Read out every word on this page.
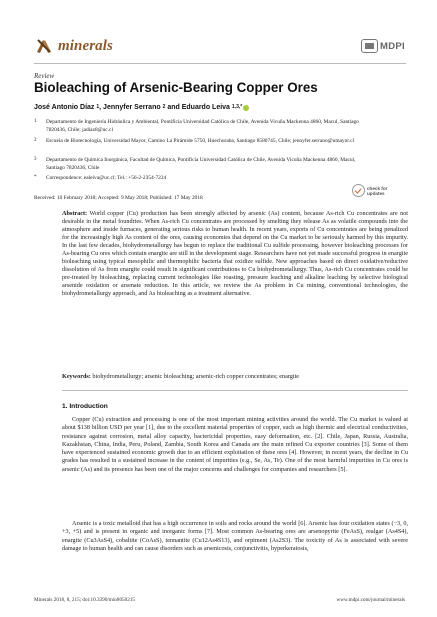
minerals	MDPI
Review
Bioleaching of Arsenic-Bearing Copper Ores
José Antonio Díaz
1 , Jennyfer Serrano
2
and Eduardo Leiva
1,3,*
1	Departamento de Ingeniería Hidráulica y Ambiental, Pontificia Universidad Católica de Chile, Avenida Vicuña Mackenna 4860, Macul, Santiago 7820436, Chile; jadiaz8@uc.cl
2	Escuela de Biotecnología, Universidad Mayor, Camino La Pirámide 5750, Huechuraba, Santiago 8580745, Chile; jennyfer.serrano@umayor.cl
3	Departamento de Química Inorgánica, Facultad de Química, Pontificia Universidad Católica de Chile, Avenida Vicuña Mackenna 4860, Macul, Santiago 7820436, Chile
*	Correspondence: ealeiva@uc.cl; Tel.: +56-2-2354-7224
Received: 10 February 2018; Accepted: 9 May 2018; Published: 17 May 2018
check for
updates
Abstract: World copper (Cu) production has been strongly affected by arsenic (As) content, because As-rich Cu concentrates are not desirable in the metal foundries. When As-rich Cu concentrates are processed by smelting they release As as volatile compounds into the atmosphere and inside furnaces, generating serious risks to human health. In recent years, exports of Cu concentrates are being penalized for the increasingly high As content of the ores, causing economies that depend on the Cu market to be seriously harmed by this impurity. In the last few decades, biohydrometallurgy has begun to replace the traditional Cu sulfide processing, however bioleaching processes for As-bearing Cu ores which contain enargite are still in the development stage. Researchers have not yet made successful progress in enargite bioleaching using typical mesophilic and thermophilic bacteria that oxidize sulfide. New approaches based on direct oxidative/reductive dissolution of As from enargite could result in significant contributions to Cu biohydrometallurgy. Thus, As-rich Cu concentrates could be pre-treated by bioleaching, replacing current technologies like roasting, pressure leaching and alkaline leaching by selective biological arsenide oxidation or arsenate reduction. In this article, we review the As problem in Cu mining, conventional technologies, the biohydrometallurgy approach, and As bioleaching as a treatment alternative.
Keywords: biohydrometallurgy; arsenic bioleaching; arsenic-rich copper concentrates; enargite
1. Introduction
Copper (Cu) extraction and processing is one of the most important mining activities around the world. The Cu market is valued at about $138 billion USD per year [1], due to the excellent material properties of copper, such as high thermic and electrical conductivities, resistance against corrosion, metal alloy capacity, bactericidal properties, easy deformation, etc. [2]. Chile, Japan, Russia, Australia, Kazakhstan, China, India, Peru, Poland, Zambia, South Korea and Canada are the main refined Cu exporter countries [3]. Some of them have experienced sustained economic growth due to an efficient exploitation of these ores [4]. However, in recent years, the decline in Cu grades has resulted in a sustained increase in the content of impurities (e.g., Se, As, Te). One of the most harmful impurities in Cu ores is arsenic (As) and its presence has been one of the major concerns and challenges for companies and researchers [5].
Arsenic is a toxic metalloid that has a high occurrence in soils and rocks around the world [6]. Arsenic has four oxidation states (−3, 0, +3, +5) and is present in organic and inorganic forms [7]. Most common As-bearing ores are arsenopyrite (FeAsS), realgar (As4S4), enargite (Cu3AsS4), cobaltite (CoAsS), tennantite (Cu12As4S13), and orpiment (As2S3). The toxicity of As is associated with severe damage to human health and can cause disorders such as arsenicosis, conjunctivitis, hyperkeratosis,
Minerals 2018, 8, 215; doi:10.3390/min8050215	www.mdpi.com/journal/minerals
